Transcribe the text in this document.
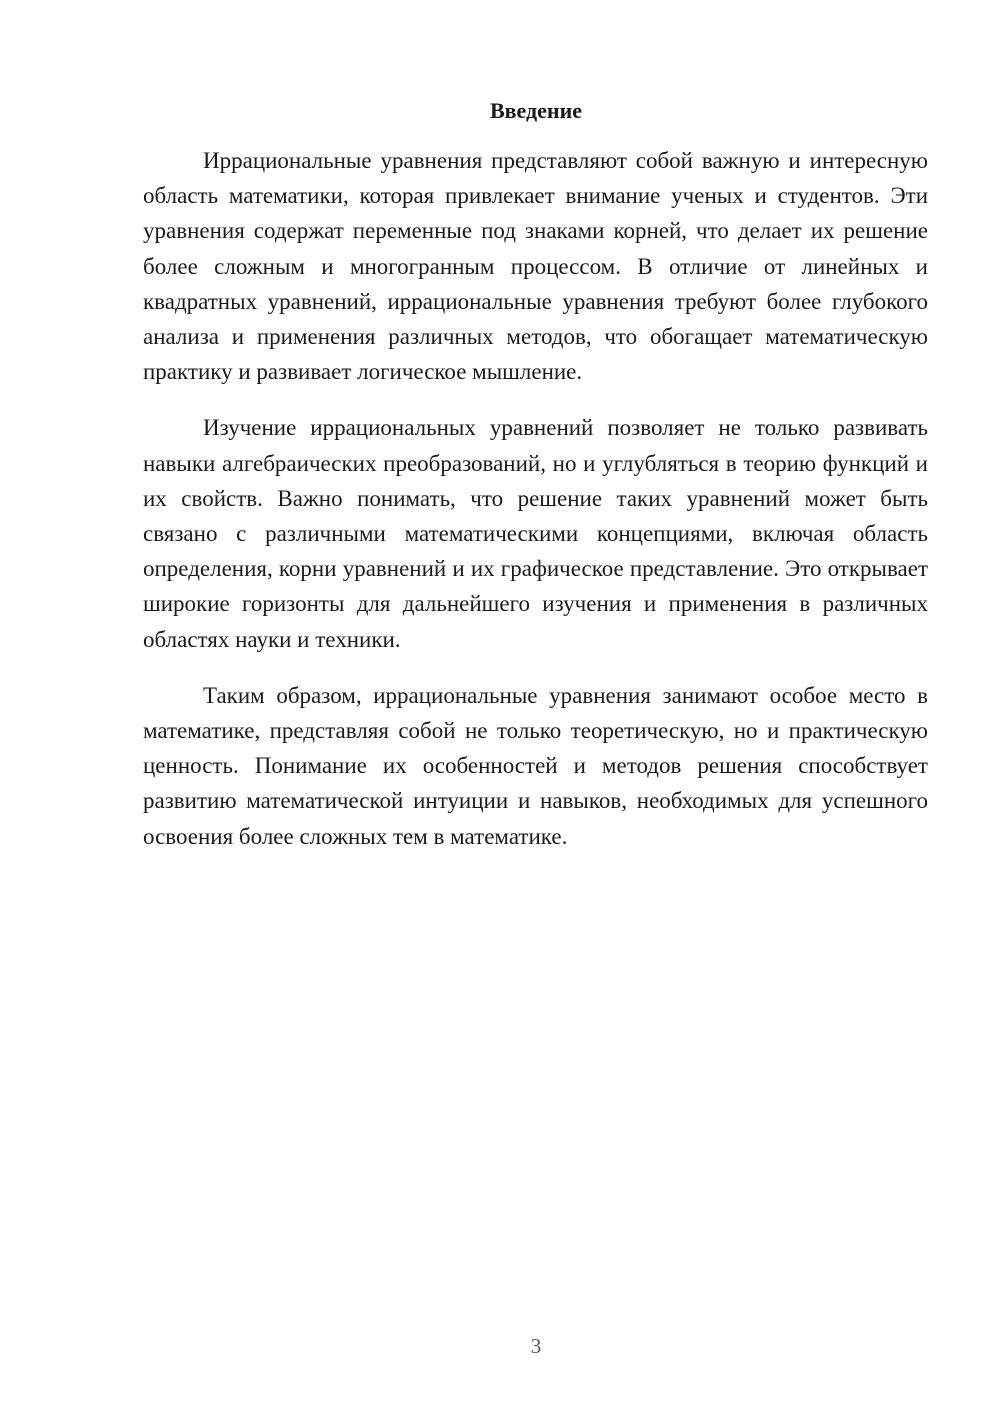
Введение

Иррациональные уравнения представляют собой важную и интересную область математики, которая привлекает внимание ученых и студентов. Эти уравнения содержат переменные под знаками корней, что делает их решение более сложным и многогранным процессом. В отличие от линейных и квадратных уравнений, иррациональные уравнения требуют более глубокого анализа и применения различных методов, что обогащает математическую практику и развивает логическое мышление.

Изучение иррациональных уравнений позволяет не только развивать навыки алгебраических преобразований, но и углубляться в теорию функций и их свойств. Важно понимать, что решение таких уравнений может быть связано с различными математическими концепциями, включая область определения, корни уравнений и их графическое представление. Это открывает широкие горизонты для дальнейшего изучения и применения в различных областях науки и техники.

Таким образом, иррациональные уравнения занимают особое место в математике, представляя собой не только теоретическую, но и практическую ценность. Понимание их особенностей и методов решения способствует развитию математической интуиции и навыков, необходимых для успешного освоения более сложных тем в математике.

3
